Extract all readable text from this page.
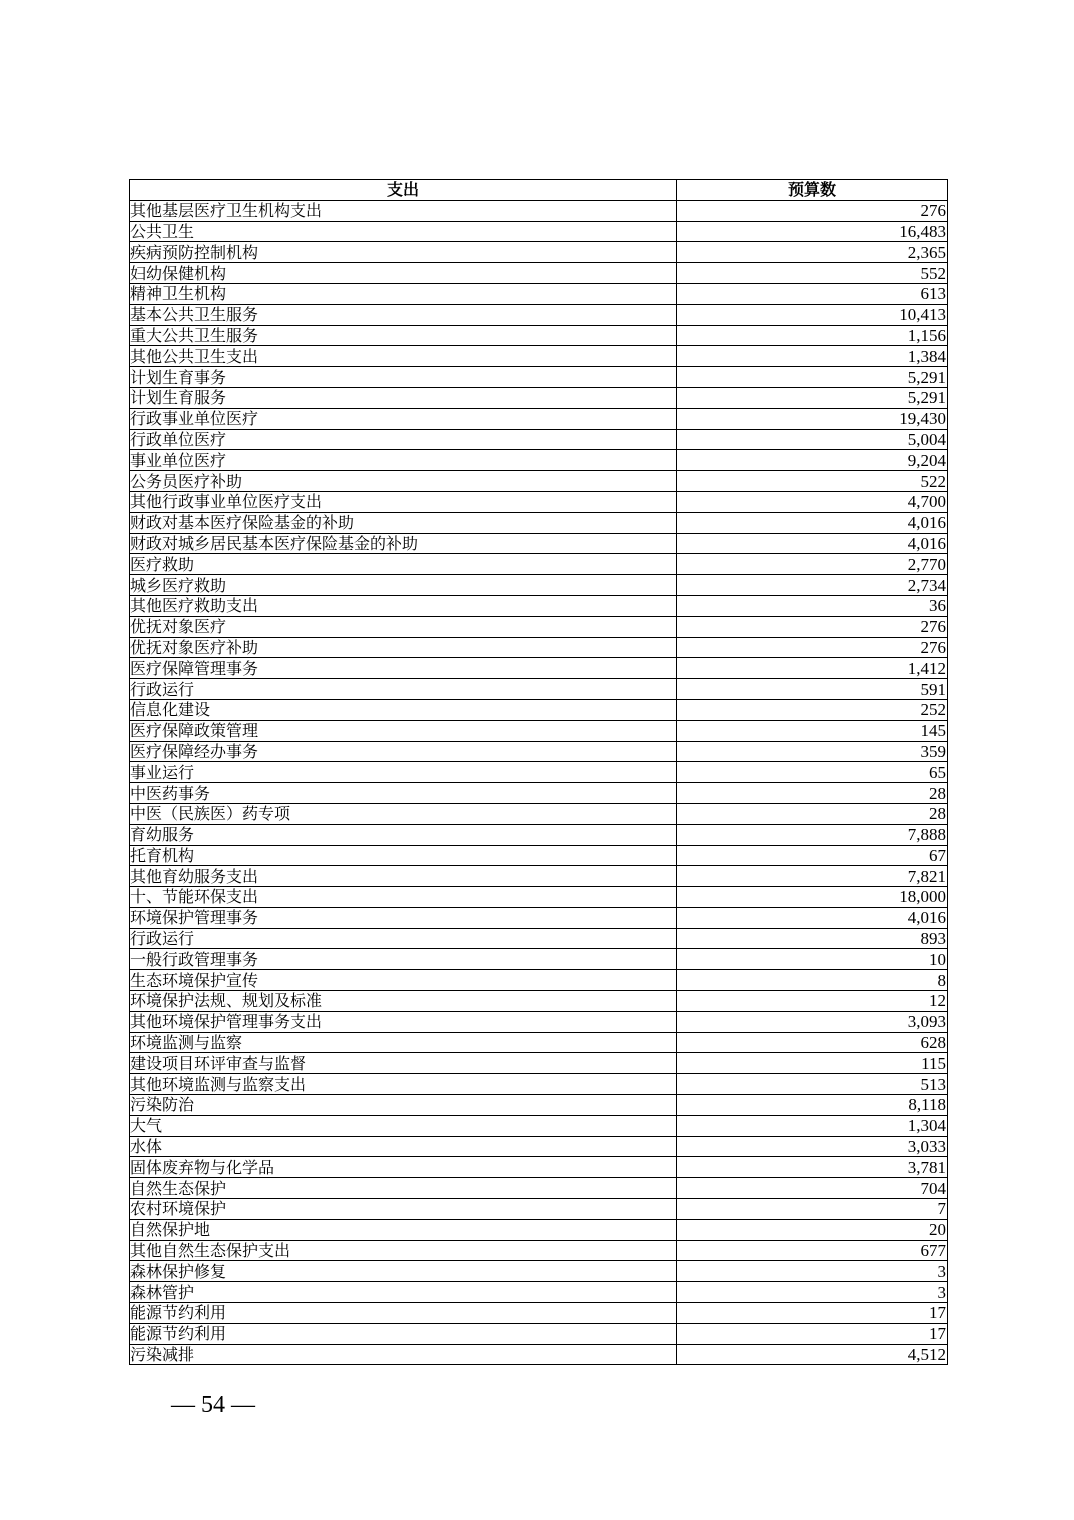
支出	预算数
其他基层医疗卫生机构支出	276
公共卫生	16,483
疾病预防控制机构	2,365
妇幼保健机构	552
精神卫生机构	613
基本公共卫生服务	10,413
重大公共卫生服务	1,156
其他公共卫生支出	1,384
计划生育事务	5,291
计划生育服务	5,291
行政事业单位医疗	19,430
行政单位医疗	5,004
事业单位医疗	9,204
公务员医疗补助	522
其他行政事业单位医疗支出	4,700
财政对基本医疗保险基金的补助	4,016
财政对城乡居民基本医疗保险基金的补助	4,016
医疗救助	2,770
城乡医疗救助	2,734
其他医疗救助支出	36
优抚对象医疗	276
优抚对象医疗补助	276
医疗保障管理事务	1,412
行政运行	591
信息化建设	252
医疗保障政策管理	145
医疗保障经办事务	359
事业运行	65
中医药事务	28
中医（民族医）药专项	28
育幼服务	7,888
托育机构	67
其他育幼服务支出	7,821
十、节能环保支出	18,000
环境保护管理事务	4,016
行政运行	893
一般行政管理事务	10
生态环境保护宣传	8
环境保护法规、规划及标准	12
其他环境保护管理事务支出	3,093
环境监测与监察	628
建设项目环评审查与监督	115
其他环境监测与监察支出	513
污染防治	8,118
大气	1,304
水体	3,033
固体废弃物与化学品	3,781
自然生态保护	704
农村环境保护	7
自然保护地	20
其他自然生态保护支出	677
森林保护修复	3
森林管护	3
能源节约利用	17
能源节约利用	17
污染减排	4,512
— 54 —
